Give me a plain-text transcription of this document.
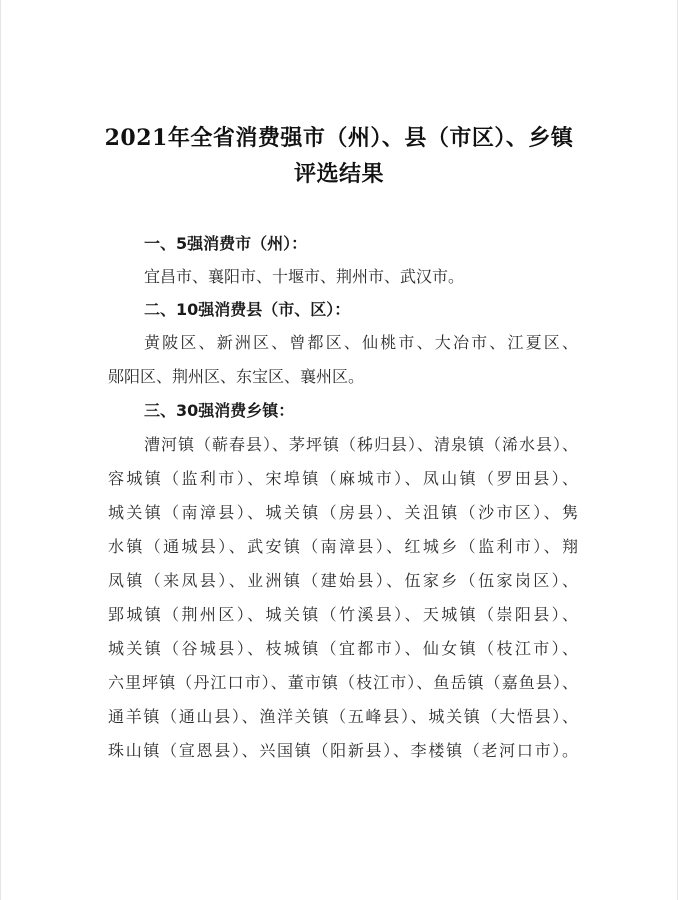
2021年全省消费强市（州）、县（市区）、乡镇
评选结果
一、5强消费市（州）：
宜昌市、襄阳市、十堰市、荆州市、武汉市。
二、10强消费县（市、区）：
黄陂区、新洲区、曾都区、仙桃市、大冶市、江夏区、
郧阳区、荆州区、东宝区、襄州区。
三、30强消费乡镇：
漕河镇（蕲春县）、茅坪镇（秭归县）、清泉镇（浠水县）、
容城镇（监利市）、宋埠镇（麻城市）、凤山镇（罗田县）、
城关镇（南漳县）、城关镇（房县）、关沮镇（沙市区）、隽
水镇（通城县）、武安镇（南漳县）、红城乡（监利市）、翔
凤镇（来凤县）、业洲镇（建始县）、伍家乡（伍家岗区）、
郢城镇（荆州区）、城关镇（竹溪县）、天城镇（崇阳县）、
城关镇（谷城县）、枝城镇（宜都市）、仙女镇（枝江市）、
六里坪镇（丹江口市）、董市镇（枝江市）、鱼岳镇（嘉鱼县）、
通羊镇（通山县）、渔洋关镇（五峰县）、城关镇（大悟县）、
珠山镇（宣恩县）、兴国镇（阳新县）、李楼镇（老河口市）。
